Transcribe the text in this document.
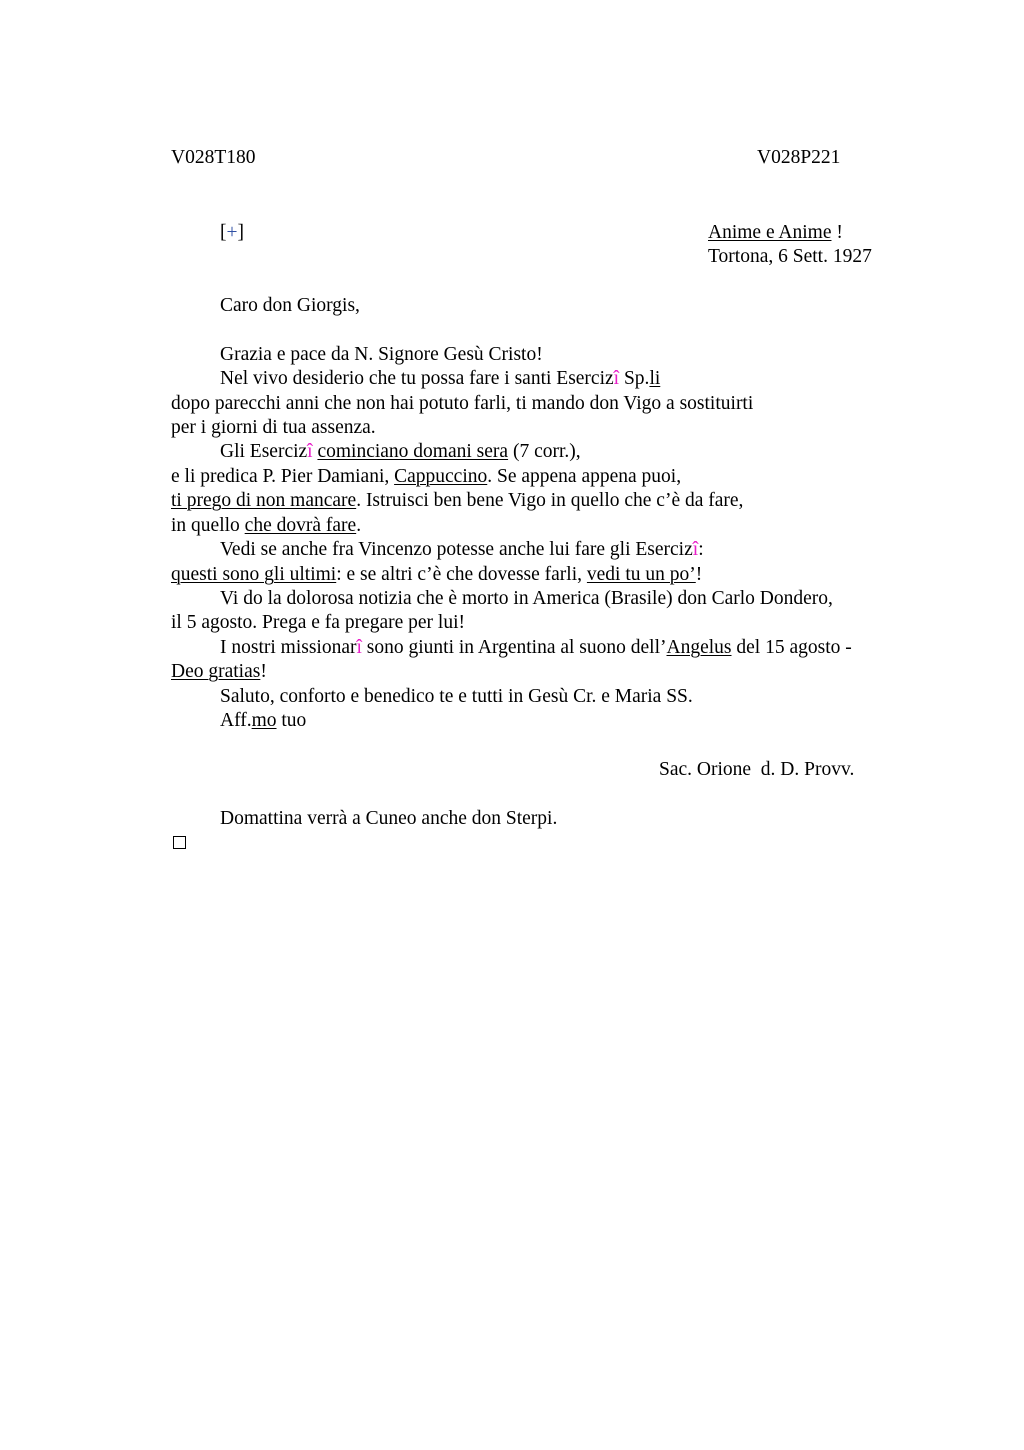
V028T180	V028P221
[+]	Anime e Anime !
Tortona, 6 Sett. 1927
Caro don Giorgis,
Grazia e pace da N. Signore Gesù Cristo!
Nel vivo desiderio che tu possa fare i santi Esercizî Sp.li
dopo parecchi anni che non hai potuto farli, ti mando don Vigo a sostituirti
per i giorni di tua assenza.
Gli Esercizî cominciano domani sera (7 corr.),
e li predica P. Pier Damiani, Cappuccino. Se appena appena puoi,
ti prego di non mancare. Istruisci ben bene Vigo in quello che c’è da fare,
in quello che dovrà fare.
Vedi se anche fra Vincenzo potesse anche lui fare gli Esercizî:
questi sono gli ultimi: e se altri c’è che dovesse farli, vedi tu un po’!
Vi do la dolorosa notizia che è morto in America (Brasile) don Carlo Dondero,
il 5 agosto. Prega e fa pregare per lui!
I nostri missionarî sono giunti in Argentina al suono dell’Angelus del 15 agosto -
Deo gratias!
Saluto, conforto e benedico te e tutti in Gesù Cr. e Maria SS.
Aff.mo tuo
Sac. Orione  d. D. Provv.
Domattina verrà a Cuneo anche don Sterpi.
